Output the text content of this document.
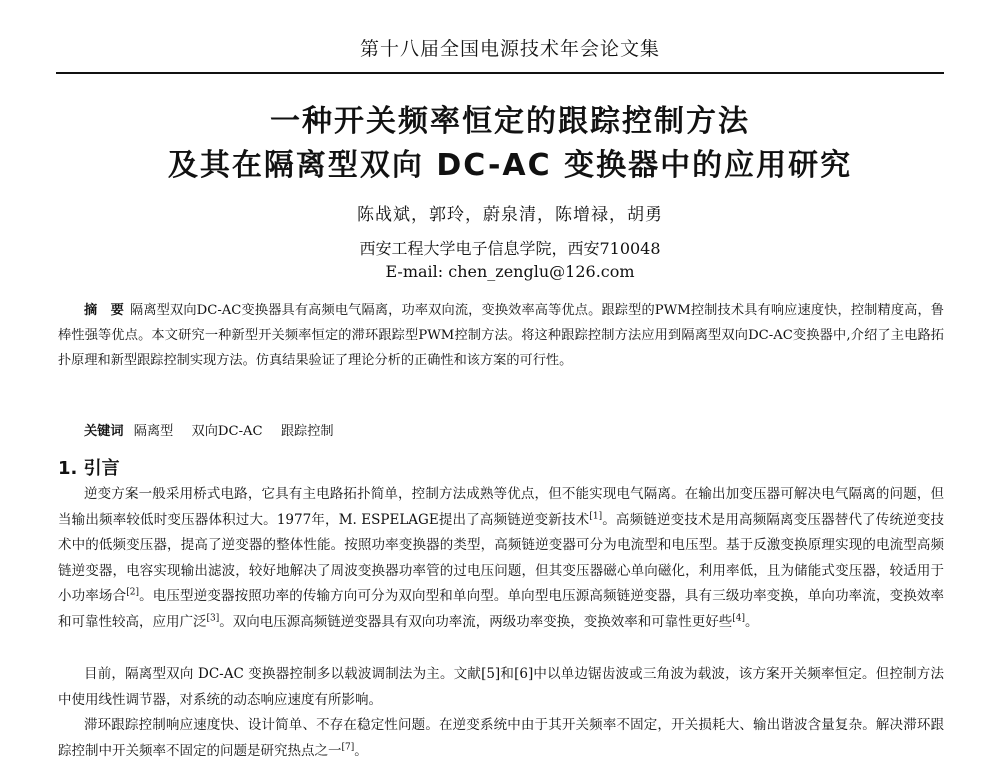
第十八届全国电源技术年会论文集
一种开关频率恒定的跟踪控制方法
及其在隔离型双向 DC-AC 变换器中的应用研究
陈战斌，郭玲，蔚泉清，陈增禄，胡勇
西安工程大学电子信息学院，西安710048
E-mail: chen_zenglu@126.com
摘　要 隔离型双向DC-AC变换器具有高频电气隔离，功率双向流，变换效率高等优点。跟踪型的PWM控制技术具有响应速度快，控制精度高，鲁棒性强等优点。本文研究一种新型开关频率恒定的滞环跟踪型PWM控制方法。将这种跟踪控制方法应用到隔离型双向DC-AC变换器中,介绍了主电路拓扑原理和新型跟踪控制实现方法。仿真结果验证了理论分析的正确性和该方案的可行性。
关键词 隔离型 双向DC-AC 跟踪控制
1. 引言

逆变方案一般采用桥式电路，它具有主电路拓扑简单，控制方法成熟等优点，但不能实现电气隔离。在输出加变压器可解决电气隔离的问题，但当输出频率较低时变压器体积过大。1977年，M. ESPELAGE提出了高频链逆变新技术[1]。高频链逆变技术是用高频隔离变压器替代了传统逆变技术中的低频变压器，提高了逆变器的整体性能。按照功率变换器的类型，高频链逆变器可分为电流型和电压型。基于反激变换原理实现的电流型高频链逆变器，电容实现输出滤波，较好地解决了周波变换器功率管的过电压问题，但其变压器磁心单向磁化，利用率低，且为储能式变压器，较适用于小功率场合[2]。电压型逆变器按照功率的传输方向可分为双向型和单向型。单向型电压源高频链逆变器，具有三级功率变换，单向功率流，变换效率和可靠性较高，应用广泛[3]。双向电压源高频链逆变器具有双向功率流，两级功率变换，变换效率和可靠性更好些[4]。

目前，隔离型双向 DC-AC 变换器控制多以载波调制法为主。文献[5]和[6]中以单边锯齿波或三角波为载波，该方案开关频率恒定。但控制方法中使用线性调节器，对系统的动态响应速度有所影响。

滞环跟踪控制响应速度快、设计简单、不存在稳定性问题。在逆变系统中由于其开关频率不固定，开关损耗大、输出谐波含量复杂。解决滞环跟踪控制中开关频率不固定的问题是研究热点之一[7]。
